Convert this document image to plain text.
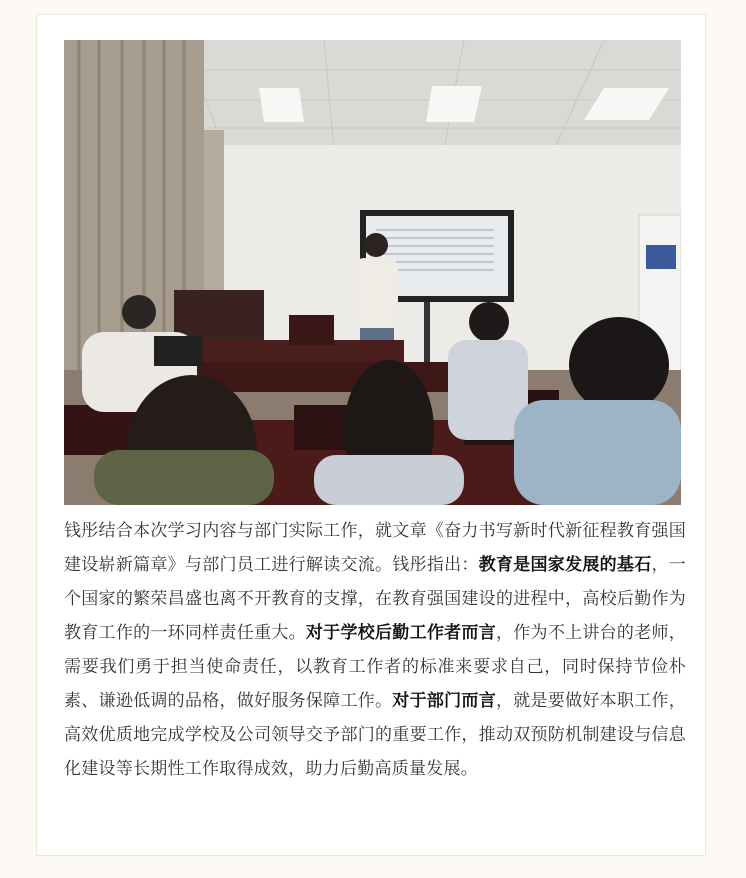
钱彤结合本次学习内容与部门实际工作，就文章《奋力书写新时代新征程教育强国建设崭新篇章》与部门员工进行解读交流。钱彤指出：教育是国家发展的基石，一个国家的繁荣昌盛也离不开教育的支撑，在教育强国建设的进程中，高校后勤作为教育工作的一环同样责任重大。对于学校后勤工作者而言，作为不上讲台的老师，需要我们勇于担当使命责任，以教育工作者的标准来要求自己，同时保持节俭朴素、谦逊低调的品格，做好服务保障工作。对于部门而言，就是要做好本职工作，高效优质地完成学校及公司领导交予部门的重要工作，推动双预防机制建设与信息化建设等长期性工作取得成效，助力后勤高质量发展。
